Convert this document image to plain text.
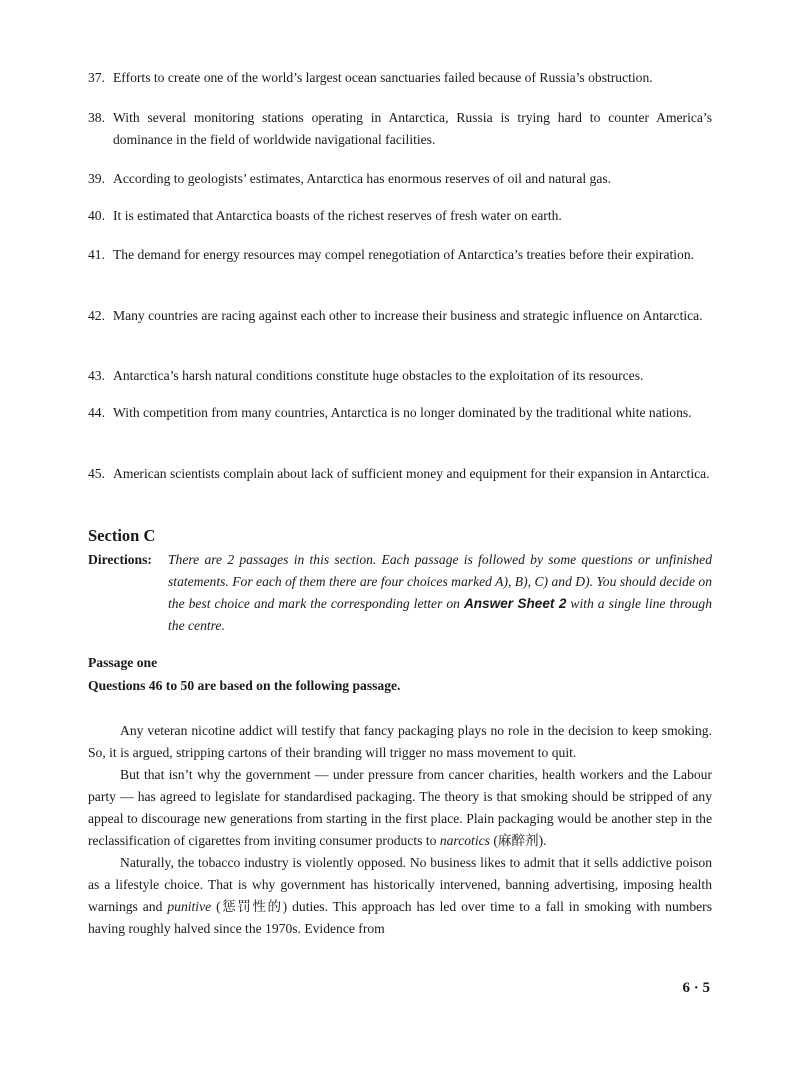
37. Efforts to create one of the world’s largest ocean sanctuaries failed because of Russia’s obstruction.
38. With several monitoring stations operating in Antarctica, Russia is trying hard to counter America’s dominance in the field of worldwide navigational facilities.
39. According to geologists’ estimates, Antarctica has enormous reserves of oil and natural gas.
40. It is estimated that Antarctica boasts of the richest reserves of fresh water on earth.
41. The demand for energy resources may compel renegotiation of Antarctica’s treaties before their expiration.
42. Many countries are racing against each other to increase their business and strategic influence on Antarctica.
43. Antarctica’s harsh natural conditions constitute huge obstacles to the exploitation of its resources.
44. With competition from many countries, Antarctica is no longer dominated by the traditional white nations.
45. American scientists complain about lack of sufficient money and equipment for their expansion in Antarctica.
Section C
Directions: There are 2 passages in this section. Each passage is followed by some questions or unfinished statements. For each of them there are four choices marked A), B), C) and D). You should decide on the best choice and mark the corresponding letter on Answer Sheet 2 with a single line through the centre.
Passage one
Questions 46 to 50 are based on the following passage.

Any veteran nicotine addict will testify that fancy packaging plays no role in the decision to keep smoking. So, it is argued, stripping cartons of their branding will trigger no mass movement to quit.

But that isn’t why the government — under pressure from cancer charities, health workers and the Labour party — has agreed to legislate for standardised packaging. The theory is that smoking should be stripped of any appeal to discourage new generations from starting in the first place. Plain packaging would be another step in the reclassification of cigarettes from inviting consumer products to narcotics (麻醉剂).

Naturally, the tobacco industry is violently opposed. No business likes to admit that it sells addictive poison as a lifestyle choice. That is why government has historically intervened, banning advertising, imposing health warnings and punitive (惩罚性的) duties. This approach has led over time to a fall in smoking with numbers having roughly halved since the 1970s. Evidence from

6 · 5
